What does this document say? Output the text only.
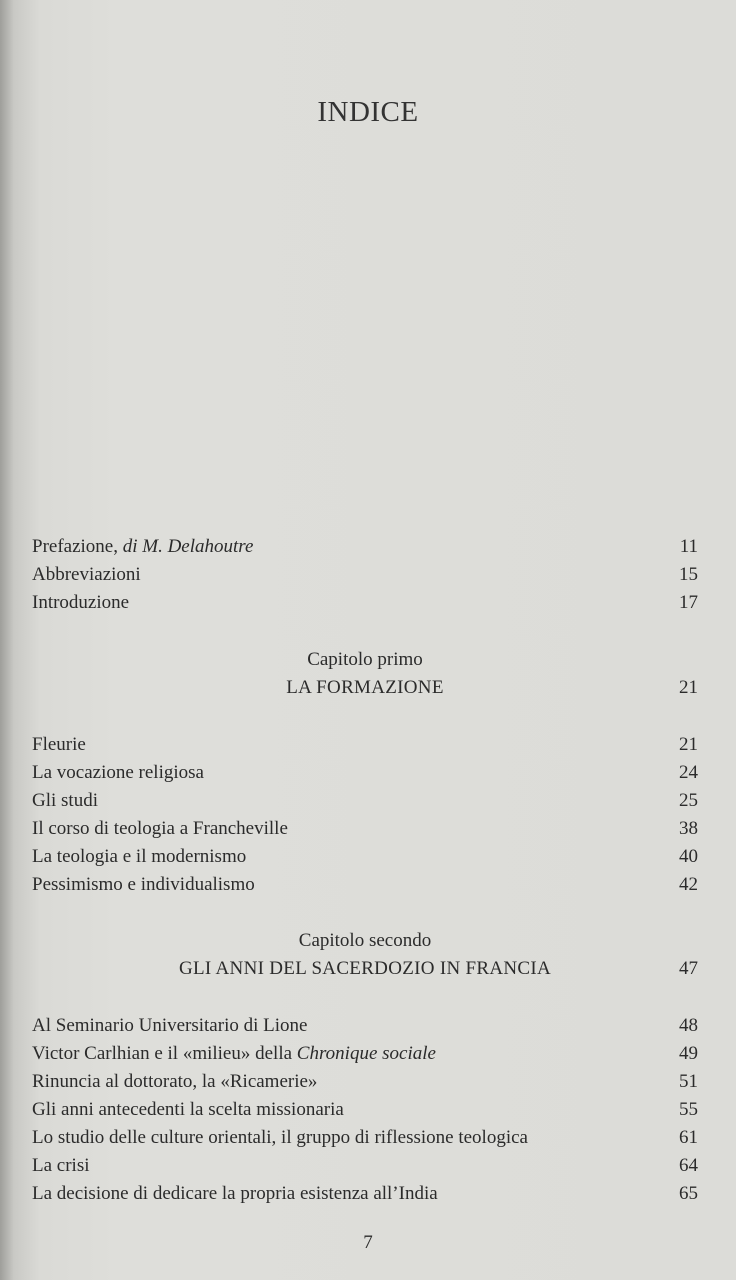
INDICE
Prefazione, di M. Delahoutre	11
Abbreviazioni	15
Introduzione	17
Capitolo primo
LA FORMAZIONE	21
Fleurie	21
La vocazione religiosa	24
Gli studi	25
Il corso di teologia a Francheville	38
La teologia e il modernismo	40
Pessimismo e individualismo	42
Capitolo secondo
GLI ANNI DEL SACERDOZIO IN FRANCIA	47
Al Seminario Universitario di Lione	48
Victor Carlhian e il «milieu» della Chronique sociale	49
Rinuncia al dottorato, la «Ricamerie»	51
Gli anni antecedenti la scelta missionaria	55
Lo studio delle culture orientali, il gruppo di riflessione teologica	61
La crisi	64
La decisione di dedicare la propria esistenza all’India	65
7
